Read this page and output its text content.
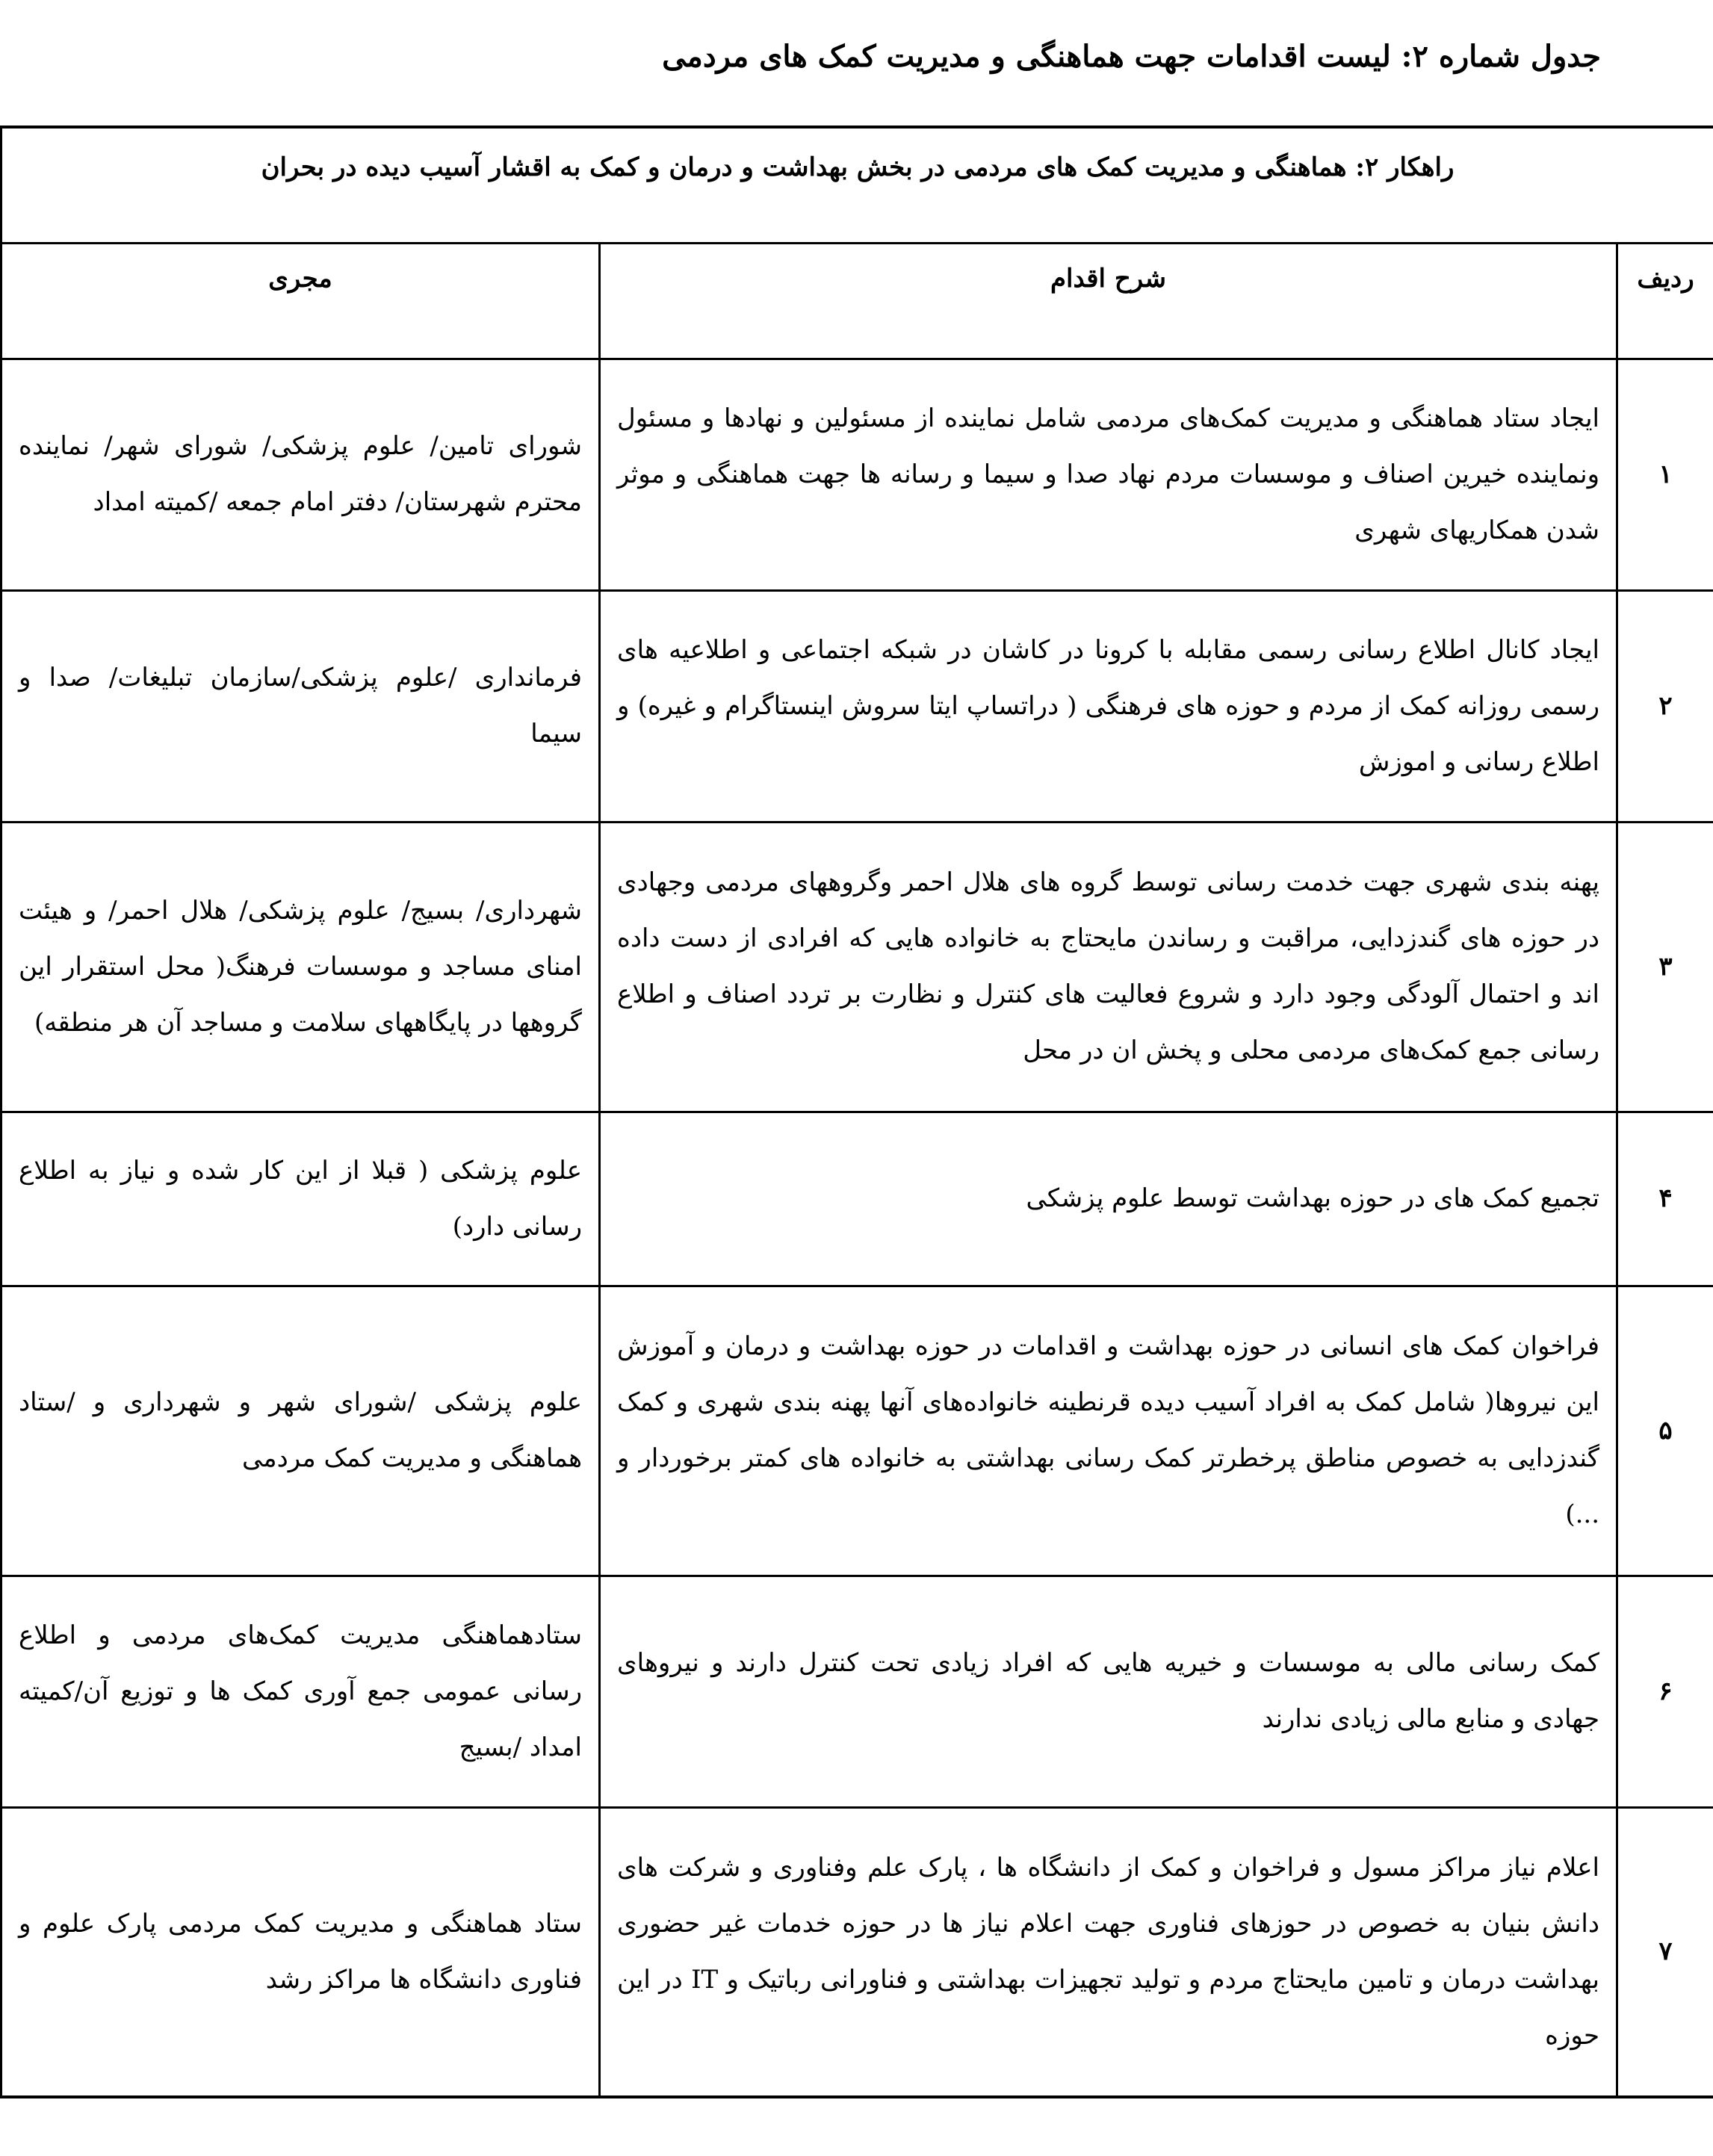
جدول شماره ۲: لیست اقدامات جهت هماهنگی و مدیریت کمک های مردمی
راهکار ۲: هماهنگی و مدیریت کمک های مردمی در بخش بهداشت و درمان و کمک به اقشار آسیب دیده در بحران		
ردیف	شرح اقدام	مجری
۱	ایجاد ستاد هماهنگی و مدیریت کمک‌های مردمی شامل نماینده از مسئولین و نهادها و مسئول ونماینده خیرین اصناف و موسسات مردم نهاد صدا و سیما و رسانه ها جهت هماهنگی و موثر شدن همکاریهای شهری	شورای تامین/ علوم پزشکی/ شورای شهر/ نماینده محترم شهرستان/ دفتر امام جمعه /کمیته امداد
۲	ایجاد کانال اطلاع رسانی رسمی مقابله با کرونا در کاشان در شبکه اجتماعی و اطلاعیه های رسمی روزانه کمک از مردم و حوزه های فرهنگی ( دراتساپ ایتا سروش اینستاگرام و غیره) و اطلاع رسانی و اموزش	فرمانداری /علوم پزشکی/سازمان تبلیغات/ صدا و سیما
۳	پهنه بندی شهری جهت خدمت رسانی توسط گروه های هلال احمر وگروههای مردمی وجهادی در حوزه های گندزدایی، مراقبت و رساندن مایحتاج به خانواده هایی که افرادی از دست داده اند و احتمال آلودگی وجود دارد و شروع فعالیت های کنترل و نظارت بر تردد اصناف و اطلاع رسانی جمع کمک‌های مردمی محلی و پخش ان در محل	شهرداری/ بسیج/ علوم پزشکی/ هلال احمر/ و هیئت امنای مساجد و موسسات فرهنگ( محل استقرار این گروهها در پایگاههای سلامت و مساجد آن هر منطقه)
۴	تجمیع کمک های در حوزه بهداشت توسط علوم پزشکی	علوم پزشکی ( قبلا از این کار شده و نیاز به اطلاع رسانی دارد)
۵	فراخوان کمک های انسانی در حوزه بهداشت و اقدامات در حوزه بهداشت و درمان و آموزش این نیروها( شامل کمک به افراد آسیب دیده قرنطینه خانواده‌های آنها پهنه بندی شهری و کمک گندزدایی به خصوص مناطق پرخطرتر کمک رسانی بهداشتی به خانواده های کمتر برخوردار و ...)	علوم پزشکی /شورای شهر و شهرداری و /ستاد هماهنگی و مدیریت کمک مردمی
۶	کمک رسانی مالی به موسسات و خیریه هایی که افراد زیادی تحت کنترل دارند و نیروهای جهادی و منابع مالی زیادی ندارند	ستادهماهنگی مدیریت کمک‌های مردمی و اطلاع رسانی عمومی جمع آوری کمک ها و توزیع آن/کمیته امداد /بسیج
۷	اعلام نیاز مراکز مسول و فراخوان و کمک از دانشگاه ها ، پارک علم وفناوری و شرکت های دانش بنیان به خصوص در حوزهای فناوری جهت اعلام نیاز ها در حوزه خدمات غیر حضوری بهداشت درمان و تامین مایحتاج مردم و تولید تجهیزات بهداشتی و فناورانی رباتیک و IT در این حوزه	ستاد هماهنگی و مدیریت کمک مردمی پارک علوم و فناوری دانشگاه ها مراکز رشد
